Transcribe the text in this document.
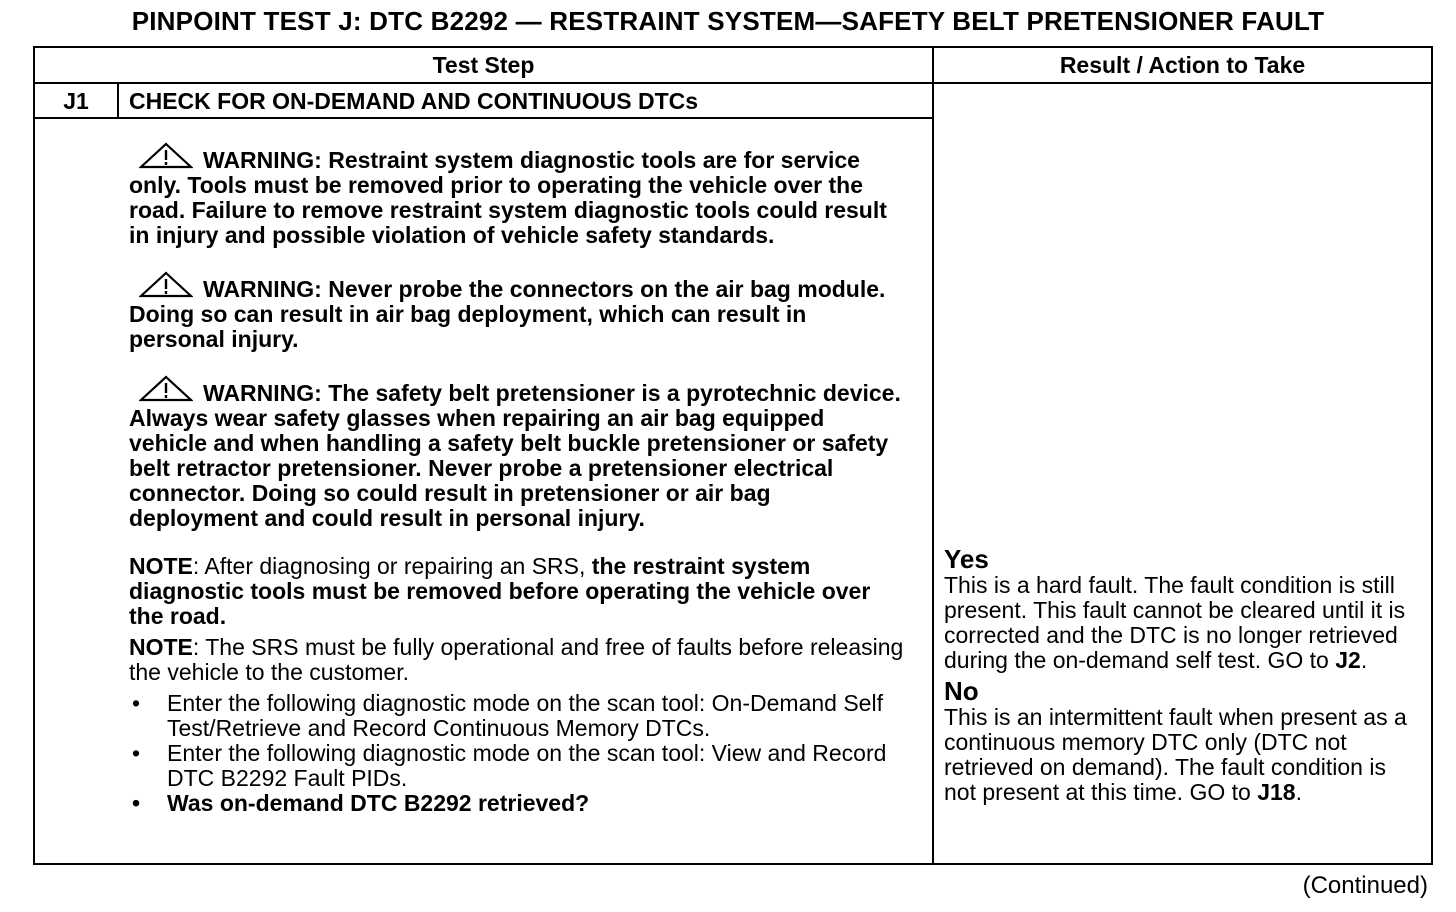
PINPOINT TEST J: DTC B2292 — RESTRAINT SYSTEM—SAFETY BELT PRETENSIONER FAULT
Test Step	Result / Action to Take
J1	CHECK FOR ON-DEMAND AND CONTINUOUS DTCs

WARNING: Restraint system diagnostic tools are for service only. Tools must be removed prior to operating the vehicle over the road. Failure to remove restraint system diagnostic tools could result in injury and possible violation of vehicle safety standards.

WARNING: Never probe the connectors on the air bag module. Doing so can result in air bag deployment, which can result in personal injury.

WARNING: The safety belt pretensioner is a pyrotechnic device. Always wear safety glasses when repairing an air bag equipped vehicle and when handling a safety belt buckle pretensioner or safety belt retractor pretensioner. Never probe a pretensioner electrical connector. Doing so could result in pretensioner or air bag deployment and could result in personal injury.

NOTE: After diagnosing or repairing an SRS, the restraint system diagnostic tools must be removed before operating the vehicle over the road.

NOTE: The SRS must be fully operational and free of faults before releasing the vehicle to the customer.

• Enter the following diagnostic mode on the scan tool: On-Demand Self Test/Retrieve and Record Continuous Memory DTCs.
• Enter the following diagnostic mode on the scan tool: View and Record DTC B2292 Fault PIDs.
• Was on-demand DTC B2292 retrieved?
Yes

This is a hard fault. The fault condition is still present. This fault cannot be cleared until it is corrected and the DTC is no longer retrieved during the on-demand self test. GO to J2.

No

This is an intermittent fault when present as a continuous memory DTC only (DTC not retrieved on demand). The fault condition is not present at this time. GO to J18.

(Continued)
